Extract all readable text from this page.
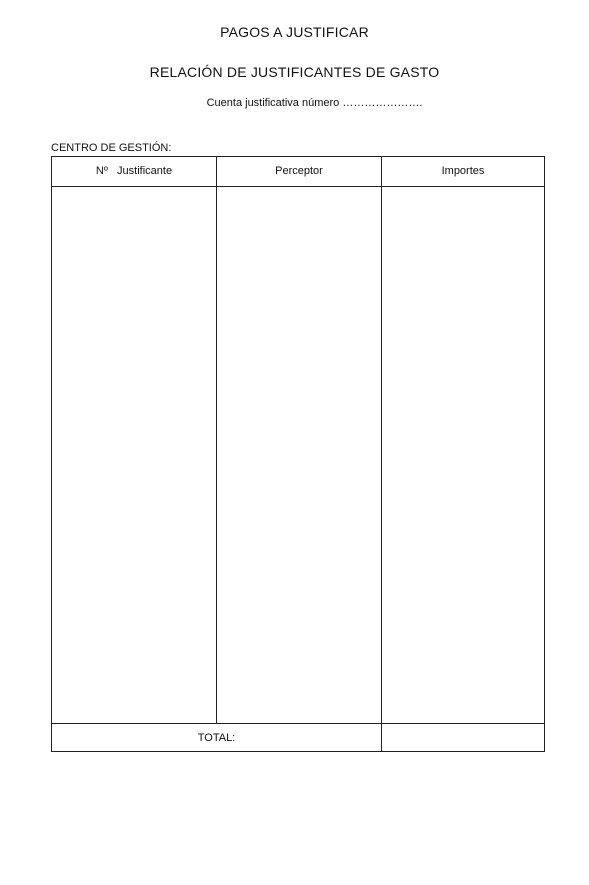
PAGOS A JUSTIFICAR
RELACIÓN DE JUSTIFICANTES DE GASTO
Cuenta justificativa número ………………….
CENTRO DE GESTIÓN:
Nº   Justificante	Perceptor	Importes
TOTAL:
